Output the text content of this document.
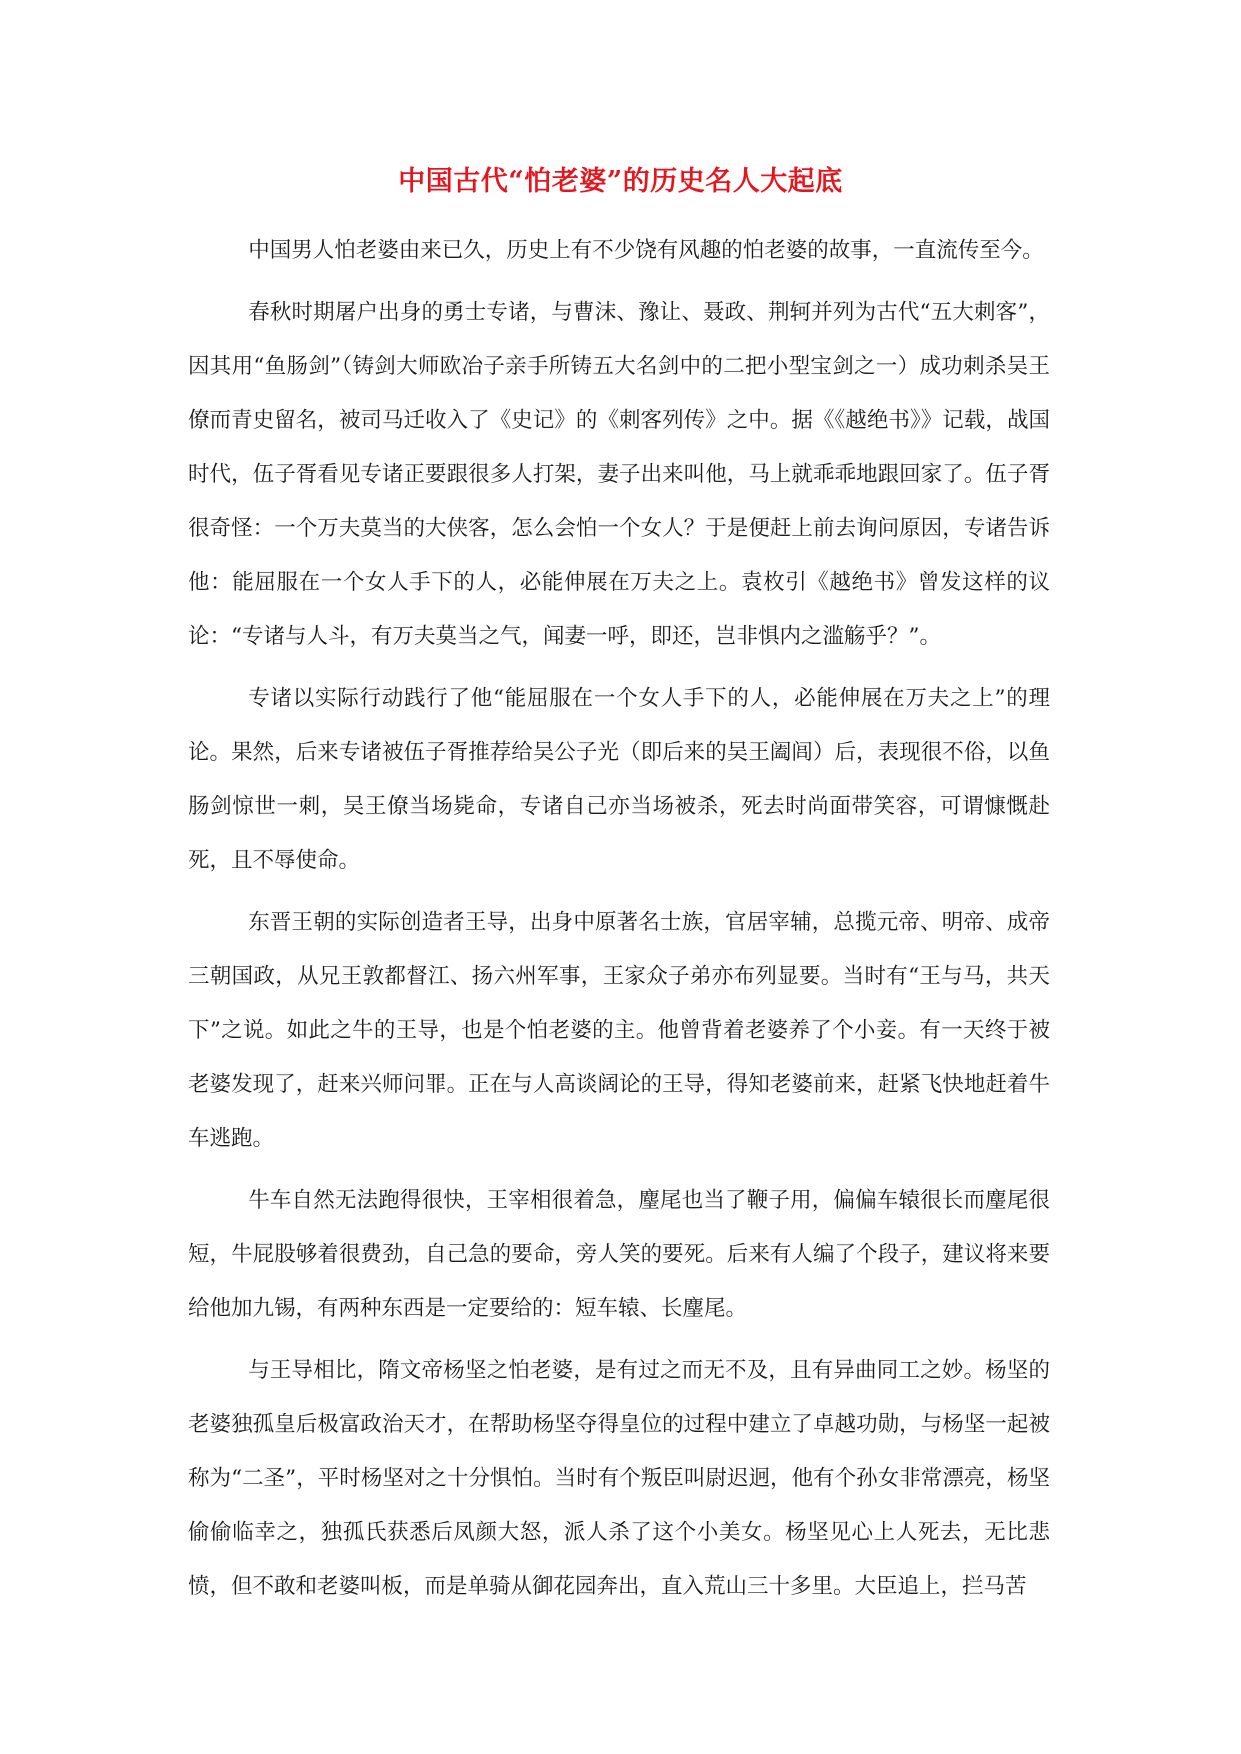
中国古代“怕老婆”的历史名人大起底

中国男人怕老婆由来已久，历史上有不少饶有风趣的怕老婆的故事，一直流传至今。

春秋时期屠户出身的勇士专诸，与曹沫、豫让、聂政、荆轲并列为古代“五大刺客”，因其用“鱼肠剑”（铸剑大师欧冶子亲手所铸五大名剑中的二把小型宝剑之一）成功刺杀吴王僚而青史留名，被司马迁收入了《史记》的《刺客列传》之中。据《《越绝书》》记载，战国时代，伍子胥看见专诸正要跟很多人打架，妻子出来叫他，马上就乖乖地跟回家了。伍子胥很奇怪：一个万夫莫当的大侠客，怎么会怕一个女人？于是便赶上前去询问原因，专诸告诉他：能屈服在一个女人手下的人，必能伸展在万夫之上。袁枚引《越绝书》曾发这样的议论：“专诸与人斗，有万夫莫当之气，闻妻一呼，即还，岂非惧内之滥觞乎？”。

专诸以实际行动践行了他“能屈服在一个女人手下的人，必能伸展在万夫之上”的理论。果然，后来专诸被伍子胥推荐给吴公子光（即后来的吴王阖闾）后，表现很不俗，以鱼肠剑惊世一刺，吴王僚当场毙命，专诸自己亦当场被杀，死去时尚面带笑容，可谓慷慨赴死，且不辱使命。

东晋王朝的实际创造者王导，出身中原著名士族，官居宰辅，总揽元帝、明帝、成帝三朝国政，从兄王敦都督江、扬六州军事，王家众子弟亦布列显要。当时有“王与马，共天下”之说。如此之牛的王导，也是个怕老婆的主。他曾背着老婆养了个小妾。有一天终于被老婆发现了，赶来兴师问罪。正在与人高谈阔论的王导，得知老婆前来，赶紧飞快地赶着牛车逃跑。

牛车自然无法跑得很快，王宰相很着急，麈尾也当了鞭子用，偏偏车辕很长而麈尾很短，牛屁股够着很费劲，自己急的要命，旁人笑的要死。后来有人编了个段子，建议将来要给他加九锡，有两种东西是一定要给的：短车辕、长麈尾。

与王导相比，隋文帝杨坚之怕老婆，是有过之而无不及，且有异曲同工之妙。杨坚的老婆独孤皇后极富政治天才，在帮助杨坚夺得皇位的过程中建立了卓越功勋，与杨坚一起被称为“二圣”，平时杨坚对之十分惧怕。当时有个叛臣叫尉迟迥，他有个孙女非常漂亮，杨坚偷偷临幸之，独孤氏获悉后凤颜大怒，派人杀了这个小美女。杨坚见心上人死去，无比悲愤，但不敢和老婆叫板，而是单骑从御花园奔出，直入荒山三十多里。大臣追上，拦马苦
